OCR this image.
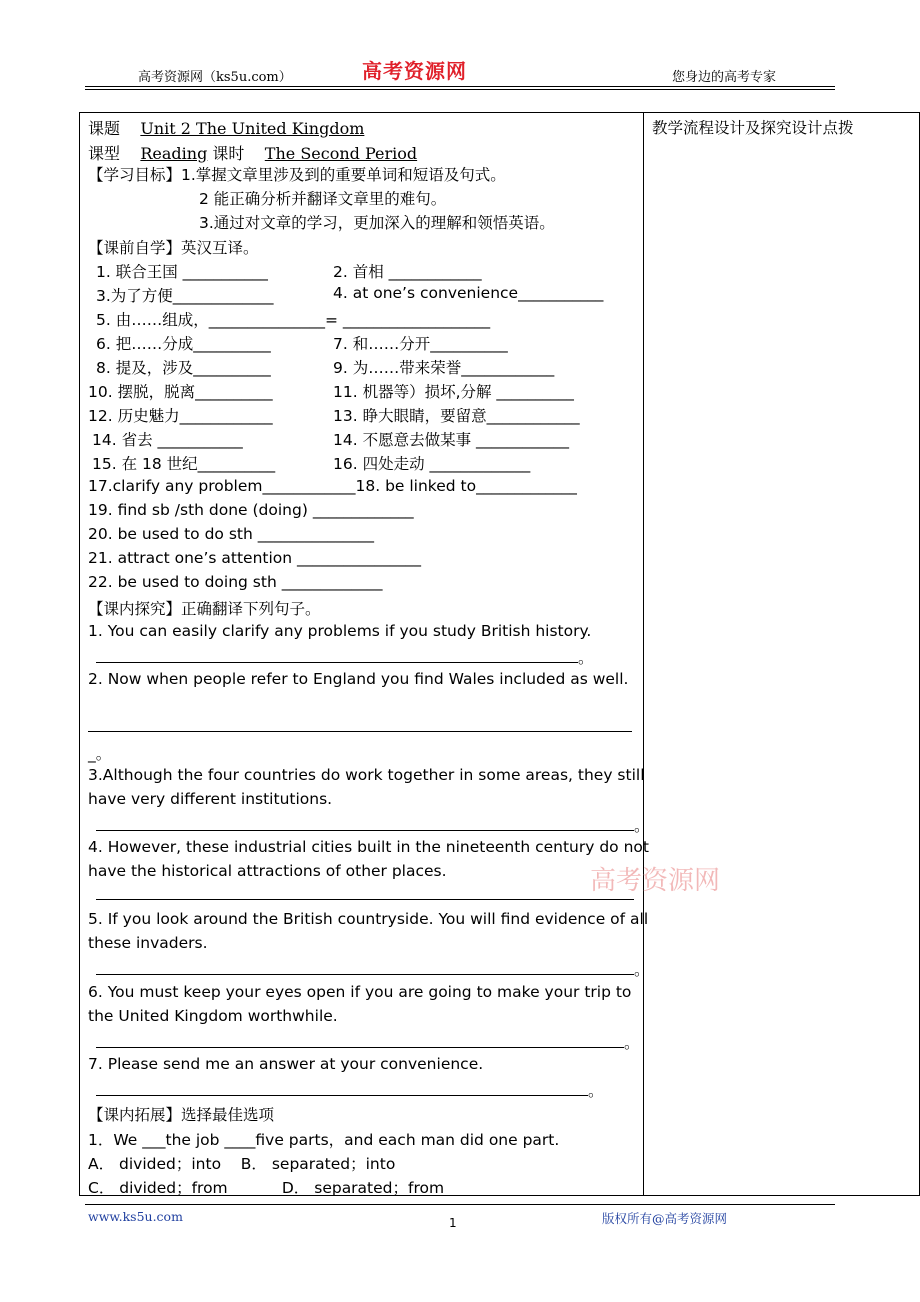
高考资源网（ks5u.com）	高考资源网	您身边的高考专家
教学流程设计及探究设计点拨
课题 Unit 2 The United Kingdom
课型 Reading 课时 The Second Period
【学习目标】1.掌握文章里涉及到的重要单词和短语及句式。
2 能正确分析并翻译文章里的难句。
3.通过对文章的学习，更加深入的理解和领悟英语。
【课前自学】英汉互译。
1. 联合王国 ___________	2. 首相 ____________
3.为了方便_____________	4. at one’s convenience___________
5. 由……组成，_______________= ___________________
6. 把……分成__________	7. 和……分开__________
8. 提及，涉及__________	9. 为……带来荣誉____________
10. 摆脱，脱离__________	11. 机器等）损坏,分解 __________
12. 历史魅力____________	13. 睁大眼睛，要留意____________
14. 省去 ___________	14. 不愿意去做某事 ____________
15. 在 18 世纪__________	16. 四处走动 _____________
17.clarify any problem____________18. be linked to_____________
19. find sb /sth done (doing) _____________
20. be used to do sth _______________
21. attract one’s attention ________________
22. be used to doing sth _____________
【课内探究】正确翻译下列句子。
1. You can easily clarify any problems if you study British history.
。
2. Now when people refer to England you find Wales included as well.
_。
3.Although the four countries do work together in some areas, they still
have very different institutions.
。
4. However, these industrial cities built in the nineteenth century do not
have the historical attractions of other places.
5. If you look around the British countryside. You will find evidence of all
these invaders.
。
6. You must keep your eyes open if you are going to make your trip to
the United Kingdom worthwhile.
。
7. Please send me an answer at your convenience.
。
【课内拓展】选择最佳选项
1．We ___the job ____five parts，and each man did one part.
A． divided；into B． separated；into
C． divided；from	D． separated；from
高考资源网
www.ks5u.com	1	版权所有@高考资源网
